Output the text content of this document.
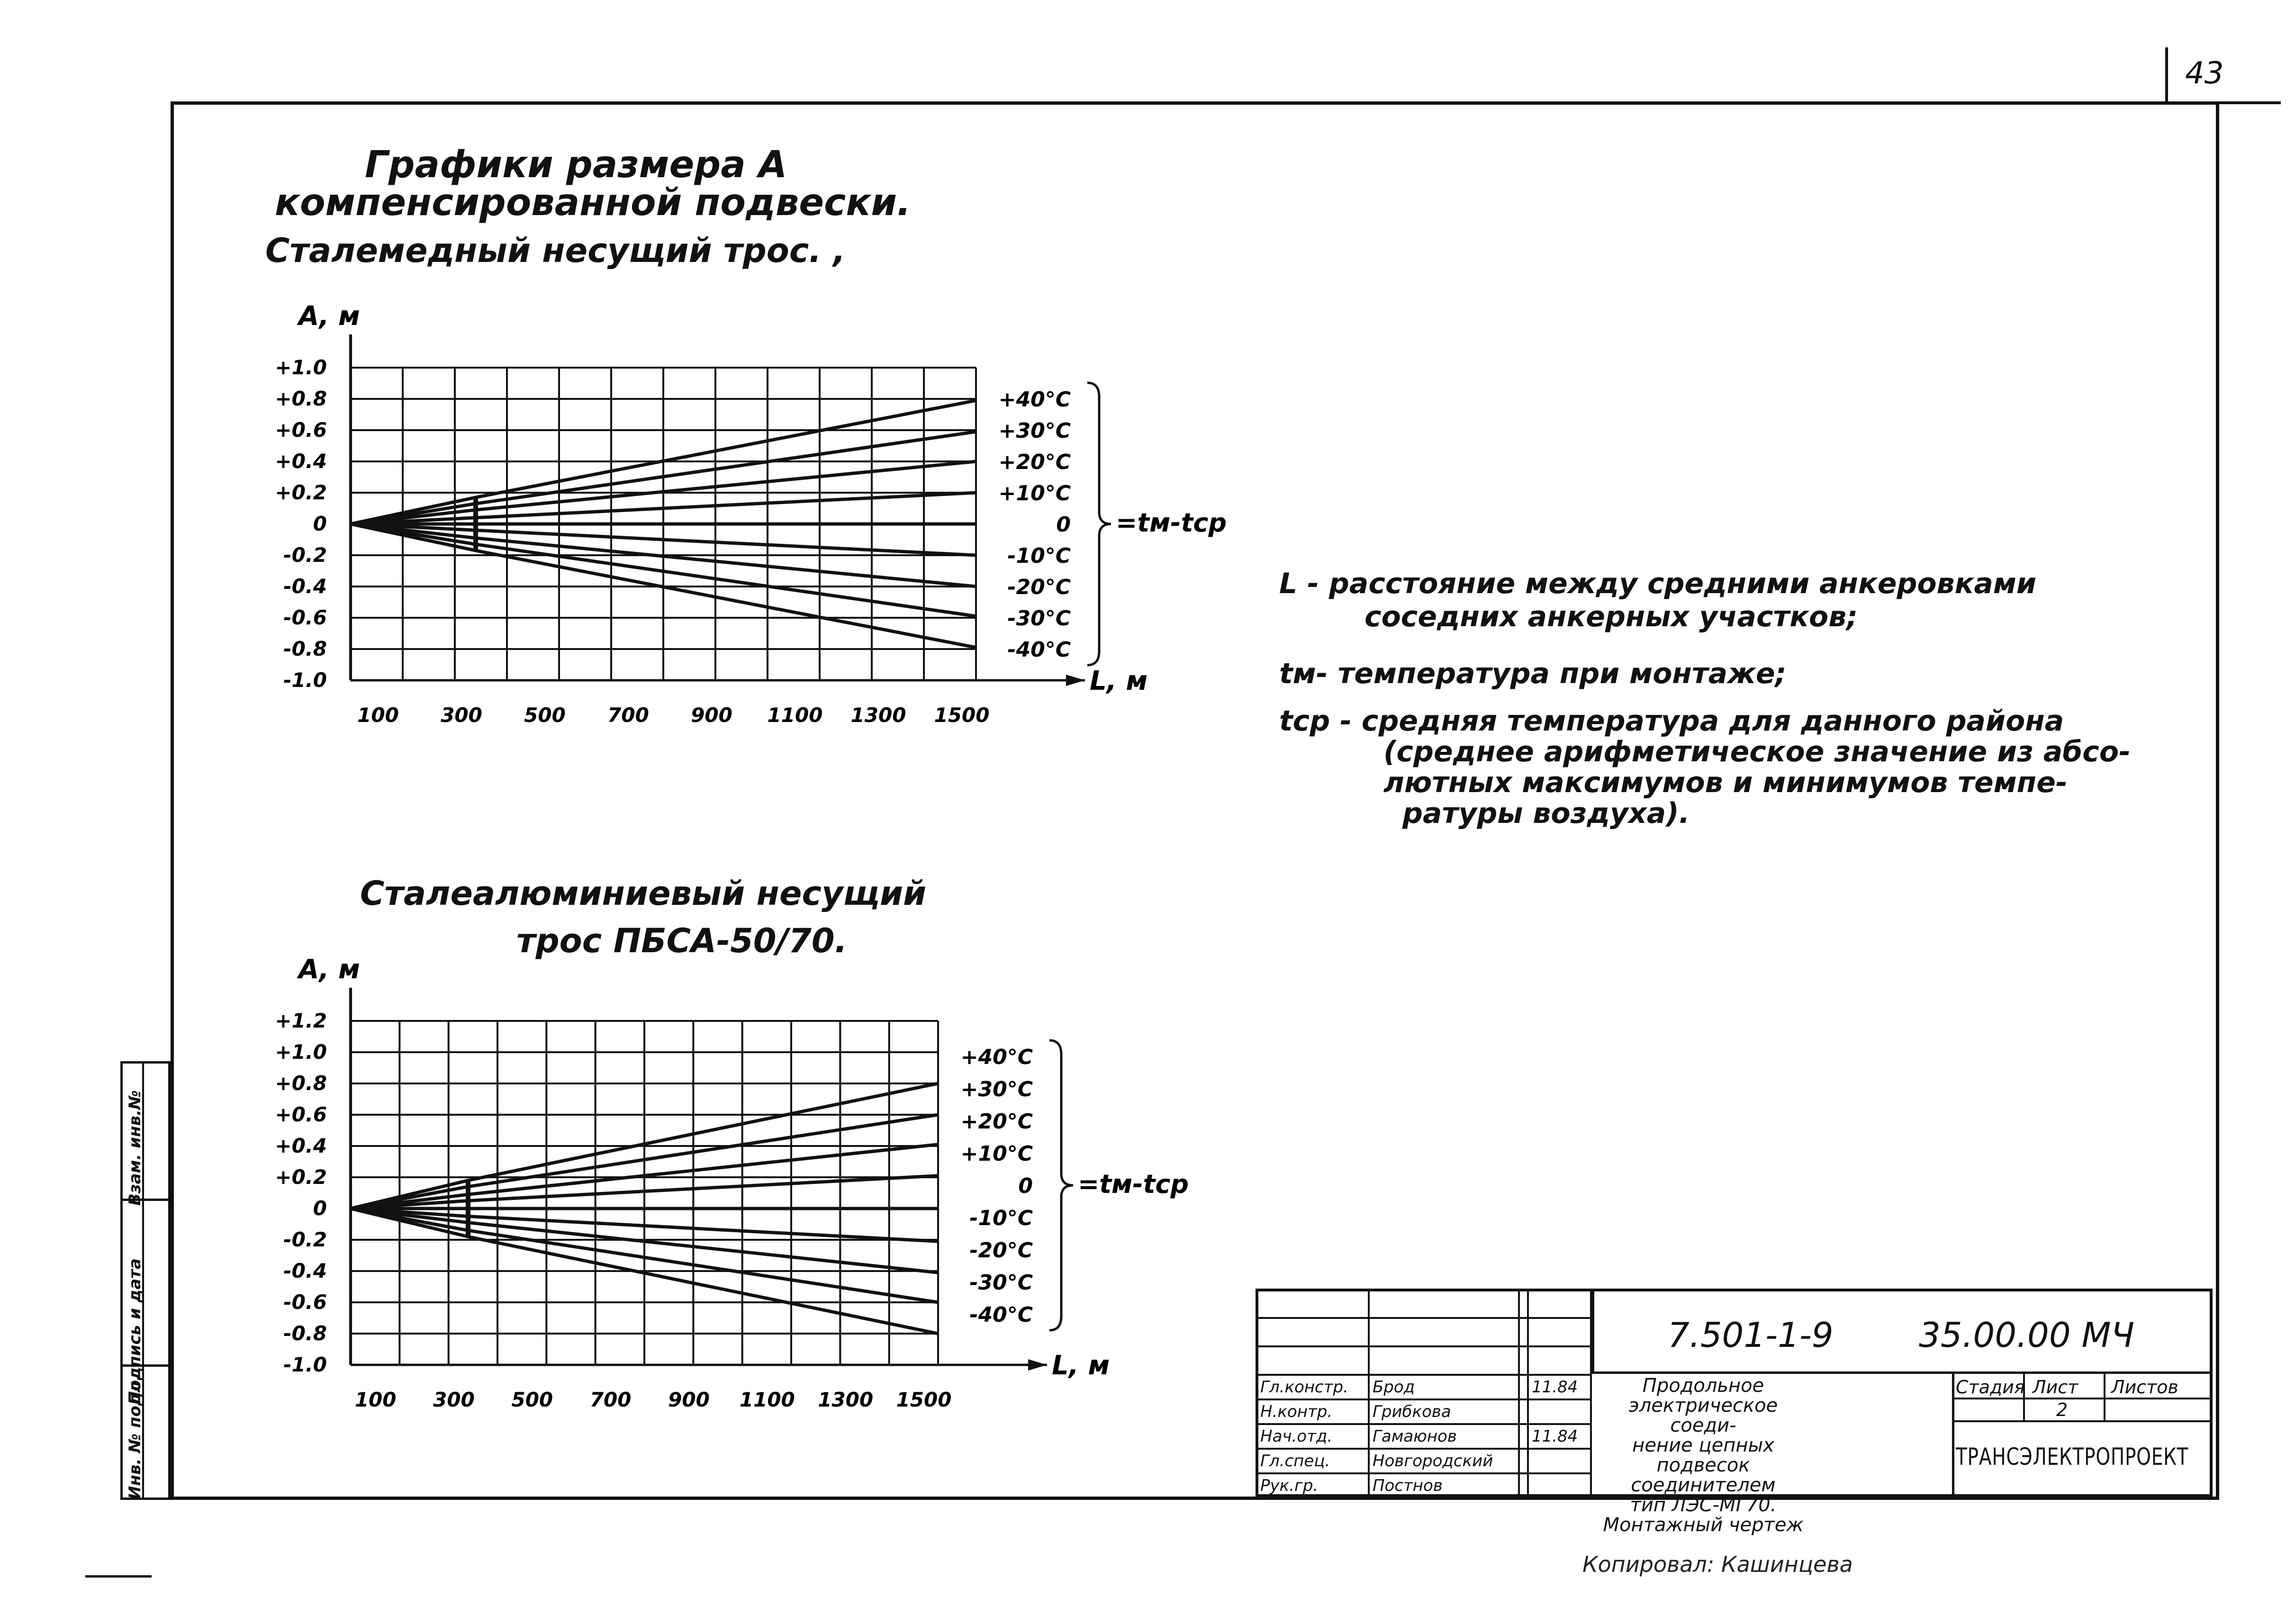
43
Графики размера А
компенсированной подвески.
Сталемедный несущий трос. ,
Сталеалюминиевый несущий
трос ПБСА-50/70.
L - расстояние между средними анкеровками
соседних анкерных участков;
tм- температура при монтаже;
tср - средняя температура для данного района
(среднее арифметическое значение из абсо-
лютных максимумов и минимумов темпе-
ратуры воздуха).
+1.0
+0.8
+0.6
+0.4
+0.2
0
-0.2
-0.4
-0.6
-0.8
-1.0
100 300 500 700 900 1100 1300 1500
А, м
L, м
+40°C
+30°C
+20°C
+10°C
0
-10°C
-20°C
-30°C
-40°C
=tм-tср
+1.2
+1.0
+0.8
+0.6
+0.4
+0.2
0
-0.2
-0.4
-0.6
-0.8
-1.0
100 300 500 700 900 1100 1300 1500
А, м
L, м
+40°C
+30°C
+20°C
+10°C
0
-10°C
-20°C
-30°C
-40°C
=tм-tср

Гл.констр.	Брод		11.84
Н.контр.	Грибкова		
Нач.отд.	Гамаюнов		11.84
Гл.спец.	Новгородский		
Рук.гр.	Постнов		
7.501-1-9	35.00.00 МЧ
Продольное
электрическое соеди-
нение цепных подвесок
соединителем
тип ЛЭС-МГ70.
Монтажный чертеж
Стадия Лист Листов
2
ТРАНСЭЛЕКТРОПРОЕКТ
Инв. № подл.
Подпись и дата
Взам. инв.№
Копировал: Кашинцева
